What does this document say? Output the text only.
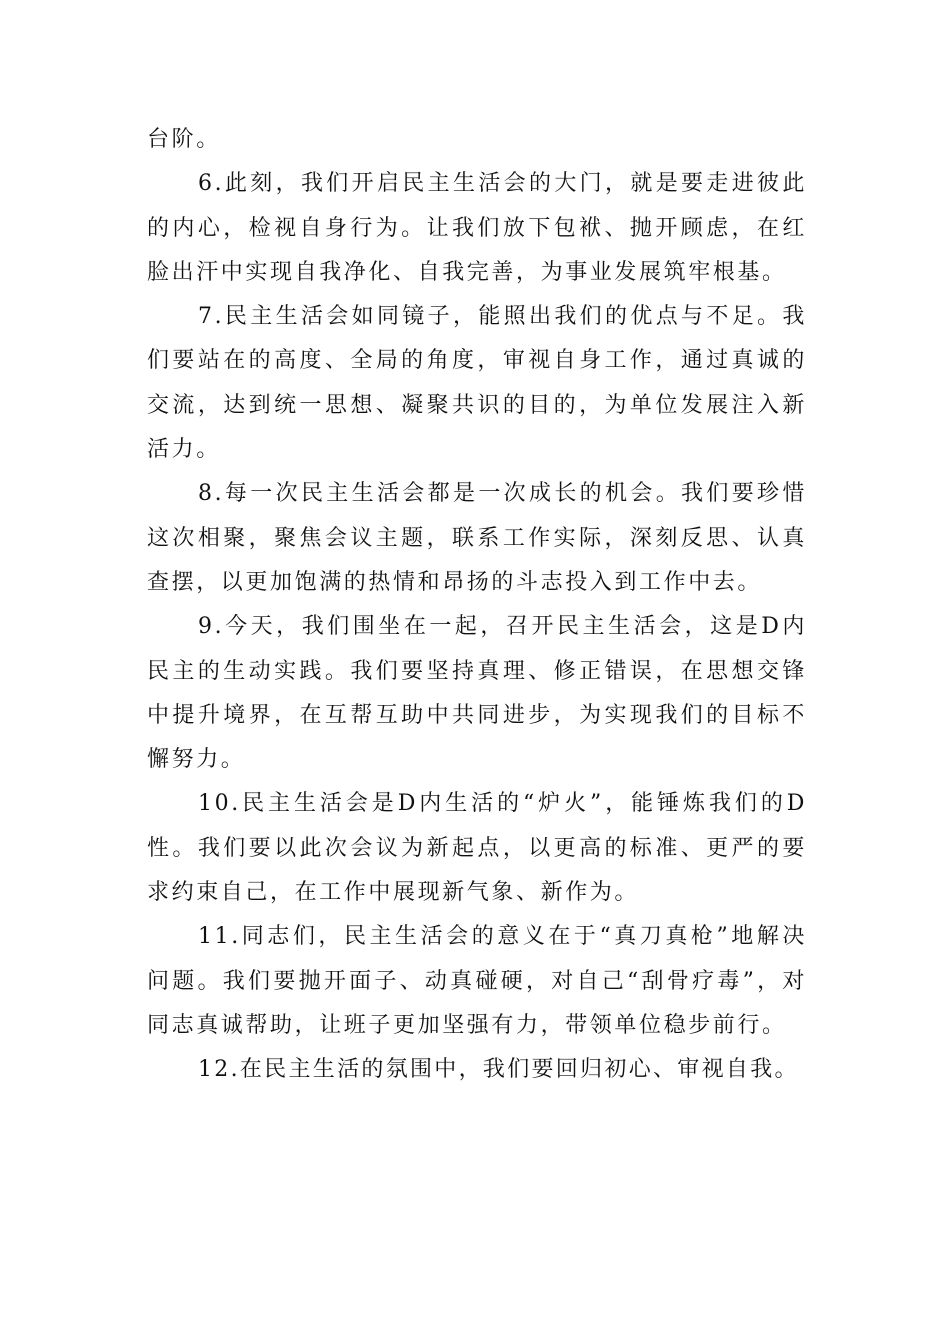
台阶。

6.此刻，我们开启民主生活会的大门，就是要走进彼此的内心，检视自身行为。让我们放下包袱、抛开顾虑，在红脸出汗中实现自我净化、自我完善，为事业发展筑牢根基。

7.民主生活会如同镜子，能照出我们的优点与不足。我们要站在的高度、全局的角度，审视自身工作，通过真诚的交流，达到统一思想、凝聚共识的目的，为单位发展注入新活力。

8.每一次民主生活会都是一次成长的机会。我们要珍惜这次相聚，聚焦会议主题，联系工作实际，深刻反思、认真查摆，以更加饱满的热情和昂扬的斗志投入到工作中去。

9.今天，我们围坐在一起，召开民主生活会，这是D内民主的生动实践。我们要坚持真理、修正错误，在思想交锋中提升境界，在互帮互助中共同进步，为实现我们的目标不懈努力。

10.民主生活会是D内生活的“炉火”，能锤炼我们的D性。我们要以此次会议为新起点，以更高的标准、更严的要求约束自己，在工作中展现新气象、新作为。

11.同志们，民主生活会的意义在于“真刀真枪”地解决问题。我们要抛开面子、动真碰硬，对自己“刮骨疗毒”，对同志真诚帮助，让班子更加坚强有力，带领单位稳步前行。

12.在民主生活的氛围中，我们要回归初心、审视自我。
